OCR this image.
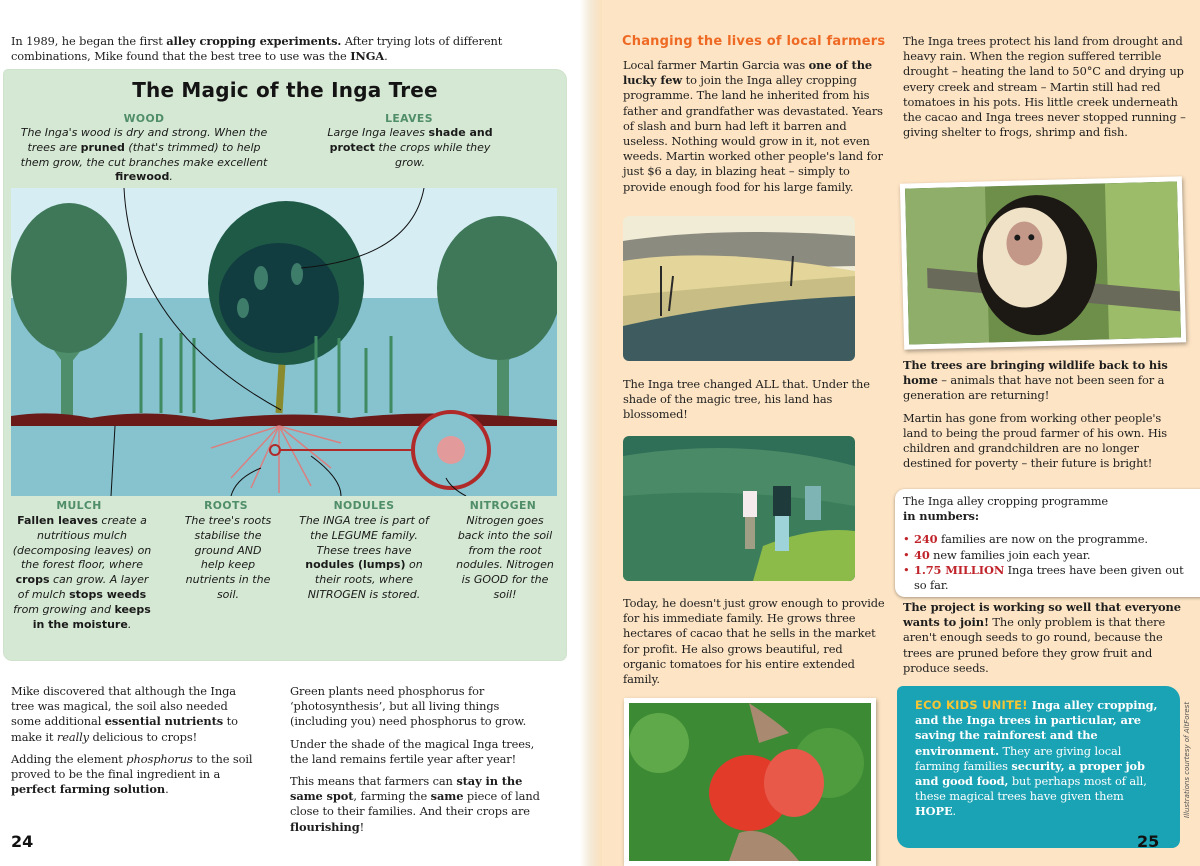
In 1989, he began the first alley cropping experiments. After trying lots of different combinations, Mike found that the best tree to use was the INGA.
The Magic of the Inga Tree
WOOD
The Inga's wood is dry and strong. When the trees are pruned (that's trimmed) to help them grow, the cut branches make excellent firewood.
LEAVES
Large Inga leaves shade and protect the crops while they grow.
MULCH
Fallen leaves create a nutritious mulch (decomposing leaves) on the forest floor, where crops can grow. A layer of mulch stops weeds from growing and keeps in the moisture.
ROOTS
The tree's roots stabilise the ground AND help keep nutrients in the soil.
NODULES
The INGA tree is part of the LEGUME family. These trees have nodules (lumps) on their roots, where NITROGEN is stored.
NITROGEN
Nitrogen goes back into the soil from the root nodules. Nitrogen is GOOD for the soil!

Mike discovered that although the Inga tree was magical, the soil also needed some additional essential nutrients to make it really delicious to crops!

Adding the element phosphorus to the soil proved to be the final ingredient in a perfect farming solution.

Green plants need phosphorus for ‘photosynthesis’, but all living things (including you) need phosphorus to grow.

Under the shade of the magical Inga trees, the land remains fertile year after year!

This means that farmers can stay in the same spot, farming the same piece of land close to their families. And their crops are flourishing!

24
Changing the lives of local farmers

Local farmer Martin Garcia was one of the lucky few to join the Inga alley cropping programme. The land he inherited from his father and grandfather was devastated. Years of slash and burn had left it barren and useless. Nothing would grow in it, not even weeds. Martin worked other people's land for just $6 a day, in blazing heat – simply to provide enough food for his large family.

The Inga tree changed ALL that. Under the shade of the magic tree, his land has blossomed!
Today, he doesn't just grow enough to provide for his immediate family. He grows three hectares of cacao that he sells in the market for profit. He also grows beautiful, red organic tomatoes for his entire extended family.

The Inga trees protect his land from drought and heavy rain. When the region suffered terrible drought – heating the land to 50°C and drying up every creek and stream – Martin still had red tomatoes in his pots. His little creek underneath the cacao and Inga trees never stopped running – giving shelter to frogs, shrimp and fish.

The trees are bringing wildlife back to his home – animals that have not been seen for a generation are returning!

Martin has gone from working other people's land to being the proud farmer of his own. His children and grandchildren are no longer destined for poverty – their future is bright!

The Inga alley cropping programme
in numbers:
• 240 families are now on the programme.
• 40 new families join each year.
• 1.75 MILLION Inga trees have been given out so far.
The project is working so well that everyone wants to join! The only problem is that there aren't enough seeds to go round, because the trees are pruned before they grow fruit and produce seeds.
ECO KIDS UNITE! Inga alley cropping, and the Inga trees in particular, are saving the rainforest and the environment. They are giving local farming families security, a proper job and good food, but perhaps most of all, these magical trees have given them HOPE.	Illustrations courtesy of AltForest
25
